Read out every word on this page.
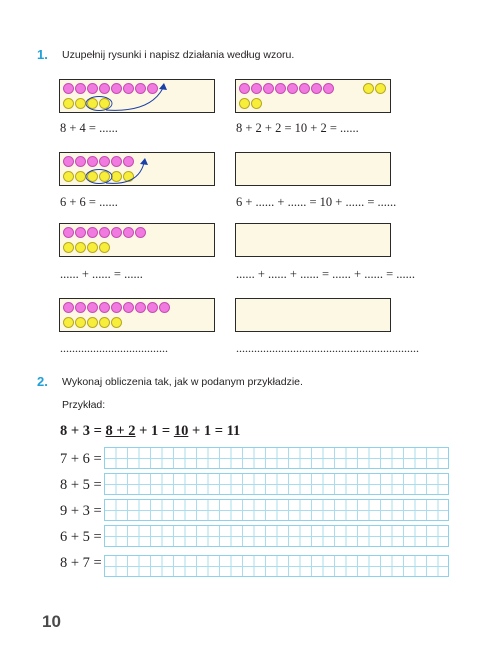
1. Uzupełnij rysunki i napisz działania według wzoru.
8 + 4 = ......	8 + 2 + 2 = 10 + 2 = ......
6 + 6 = ......	6 + ...... + ...... = 10 + ...... = ......
...... + ...... = ......	...... + ...... + ...... = ...... + ...... = ......
....................................	.............................................................
2. Wykonaj obliczenia tak, jak w podanym przykładzie.
Przykład:
8 + 3 = 8 + 2 + 1 = 10 + 1 = 11
7 + 6 =
8 + 5 =
9 + 3 =
6 + 5 =
8 + 7 =
10
